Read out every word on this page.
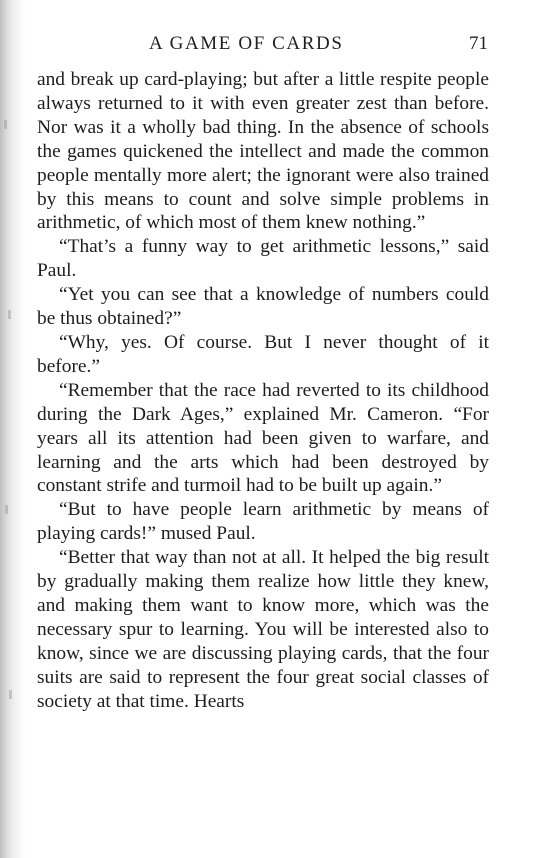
A GAME OF CARDS	71

and break up card-playing; but after a little respite people always returned to it with even greater zest than before. Nor was it a wholly bad thing. In the absence of schools the games quickened the intellect and made the common people mentally more alert; the ignorant were also trained by this means to count and solve simple problems in arithmetic, of which most of them knew nothing.”

“That’s a funny way to get arithmetic lessons,” said Paul.

“Yet you can see that a knowledge of numbers could be thus obtained?”

“Why, yes. Of course. But I never thought of it before.”

“Remember that the race had reverted to its childhood during the Dark Ages,” explained Mr. Cameron. “For years all its attention had been given to warfare, and learning and the arts which had been destroyed by constant strife and turmoil had to be built up again.”

“But to have people learn arithmetic by means of playing cards!” mused Paul.

“Better that way than not at all. It helped the big result by gradually making them realize how little they knew, and making them want to know more, which was the necessary spur to learning. You will be interested also to know, since we are discussing playing cards, that the four suits are said to represent the four great social classes of society at that time. Hearts
